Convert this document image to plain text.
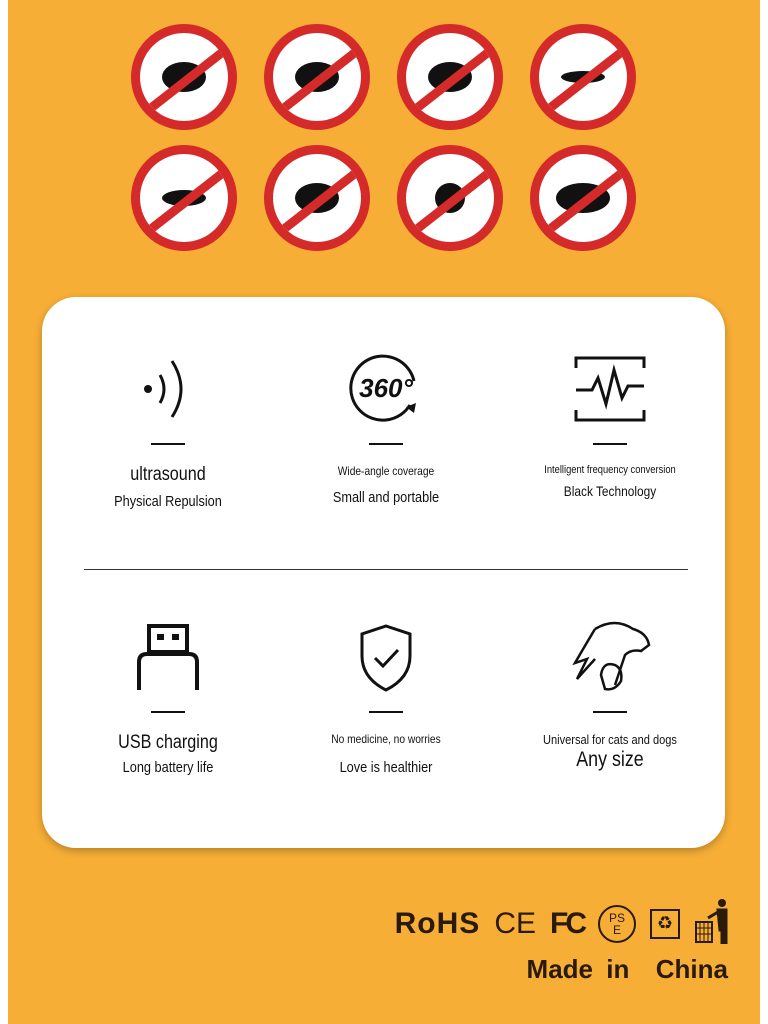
ultrasound
Physical Repulsion
360°
Wide-angle coverage
Small and portable
Intelligent frequency conversion
Black Technology
USB charging
Long battery life
No medicine, no worries
Love is healthier
Universal for cats and dogs
Any size
RoHS CE FC	PSE	♻
Made in  China
